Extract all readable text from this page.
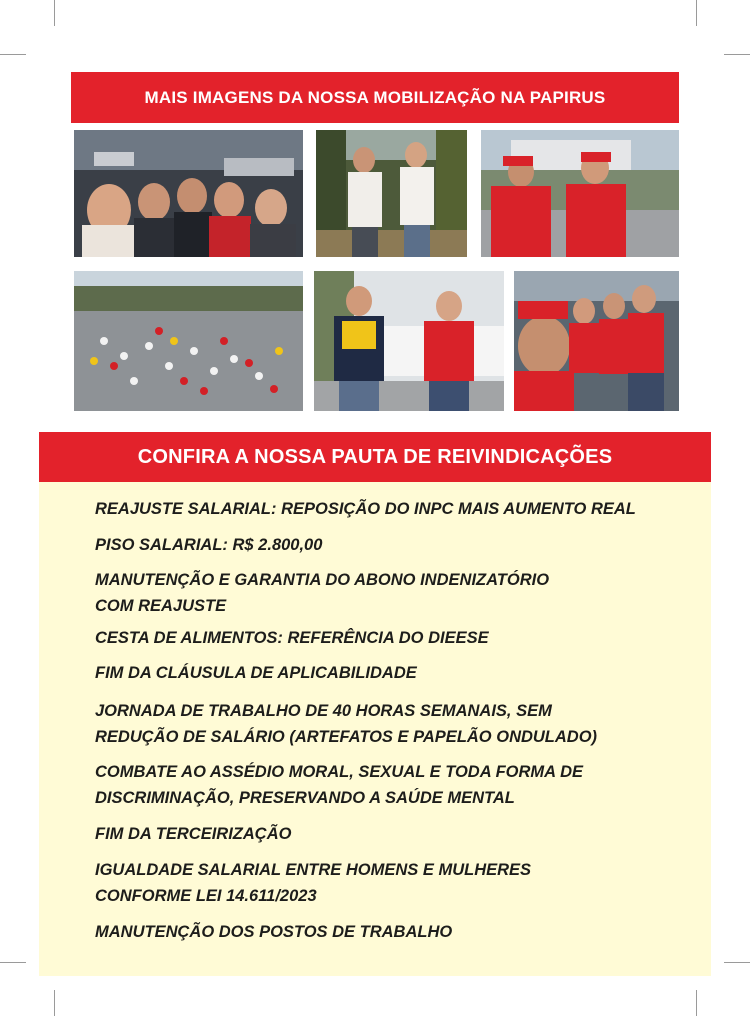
MAIS IMAGENS DA NOSSA MOBILIZAÇÃO NA PAPIRUS
CONFIRA A NOSSA PAUTA DE REIVINDICAÇÕES
REAJUSTE SALARIAL: REPOSIÇÃO DO INPC MAIS AUMENTO REAL
PISO SALARIAL: R$ 2.800,00
MANUTENÇÃO E GARANTIA DO ABONO INDENIZATÓRIO
COM REAJUSTE
CESTA DE ALIMENTOS: REFERÊNCIA DO DIEESE
FIM DA CLÁUSULA DE APLICABILIDADE
JORNADA DE TRABALHO DE 40 HORAS SEMANAIS, SEM
REDUÇÃO DE SALÁRIO (ARTEFATOS E PAPELÃO ONDULADO)
COMBATE AO ASSÉDIO MORAL, SEXUAL E TODA FORMA DE
DISCRIMINAÇÃO, PRESERVANDO A SAÚDE MENTAL
FIM DA TERCEIRIZAÇÃO
IGUALDADE SALARIAL ENTRE HOMENS E MULHERES
CONFORME LEI 14.611/2023
MANUTENÇÃO DOS POSTOS DE TRABALHO
